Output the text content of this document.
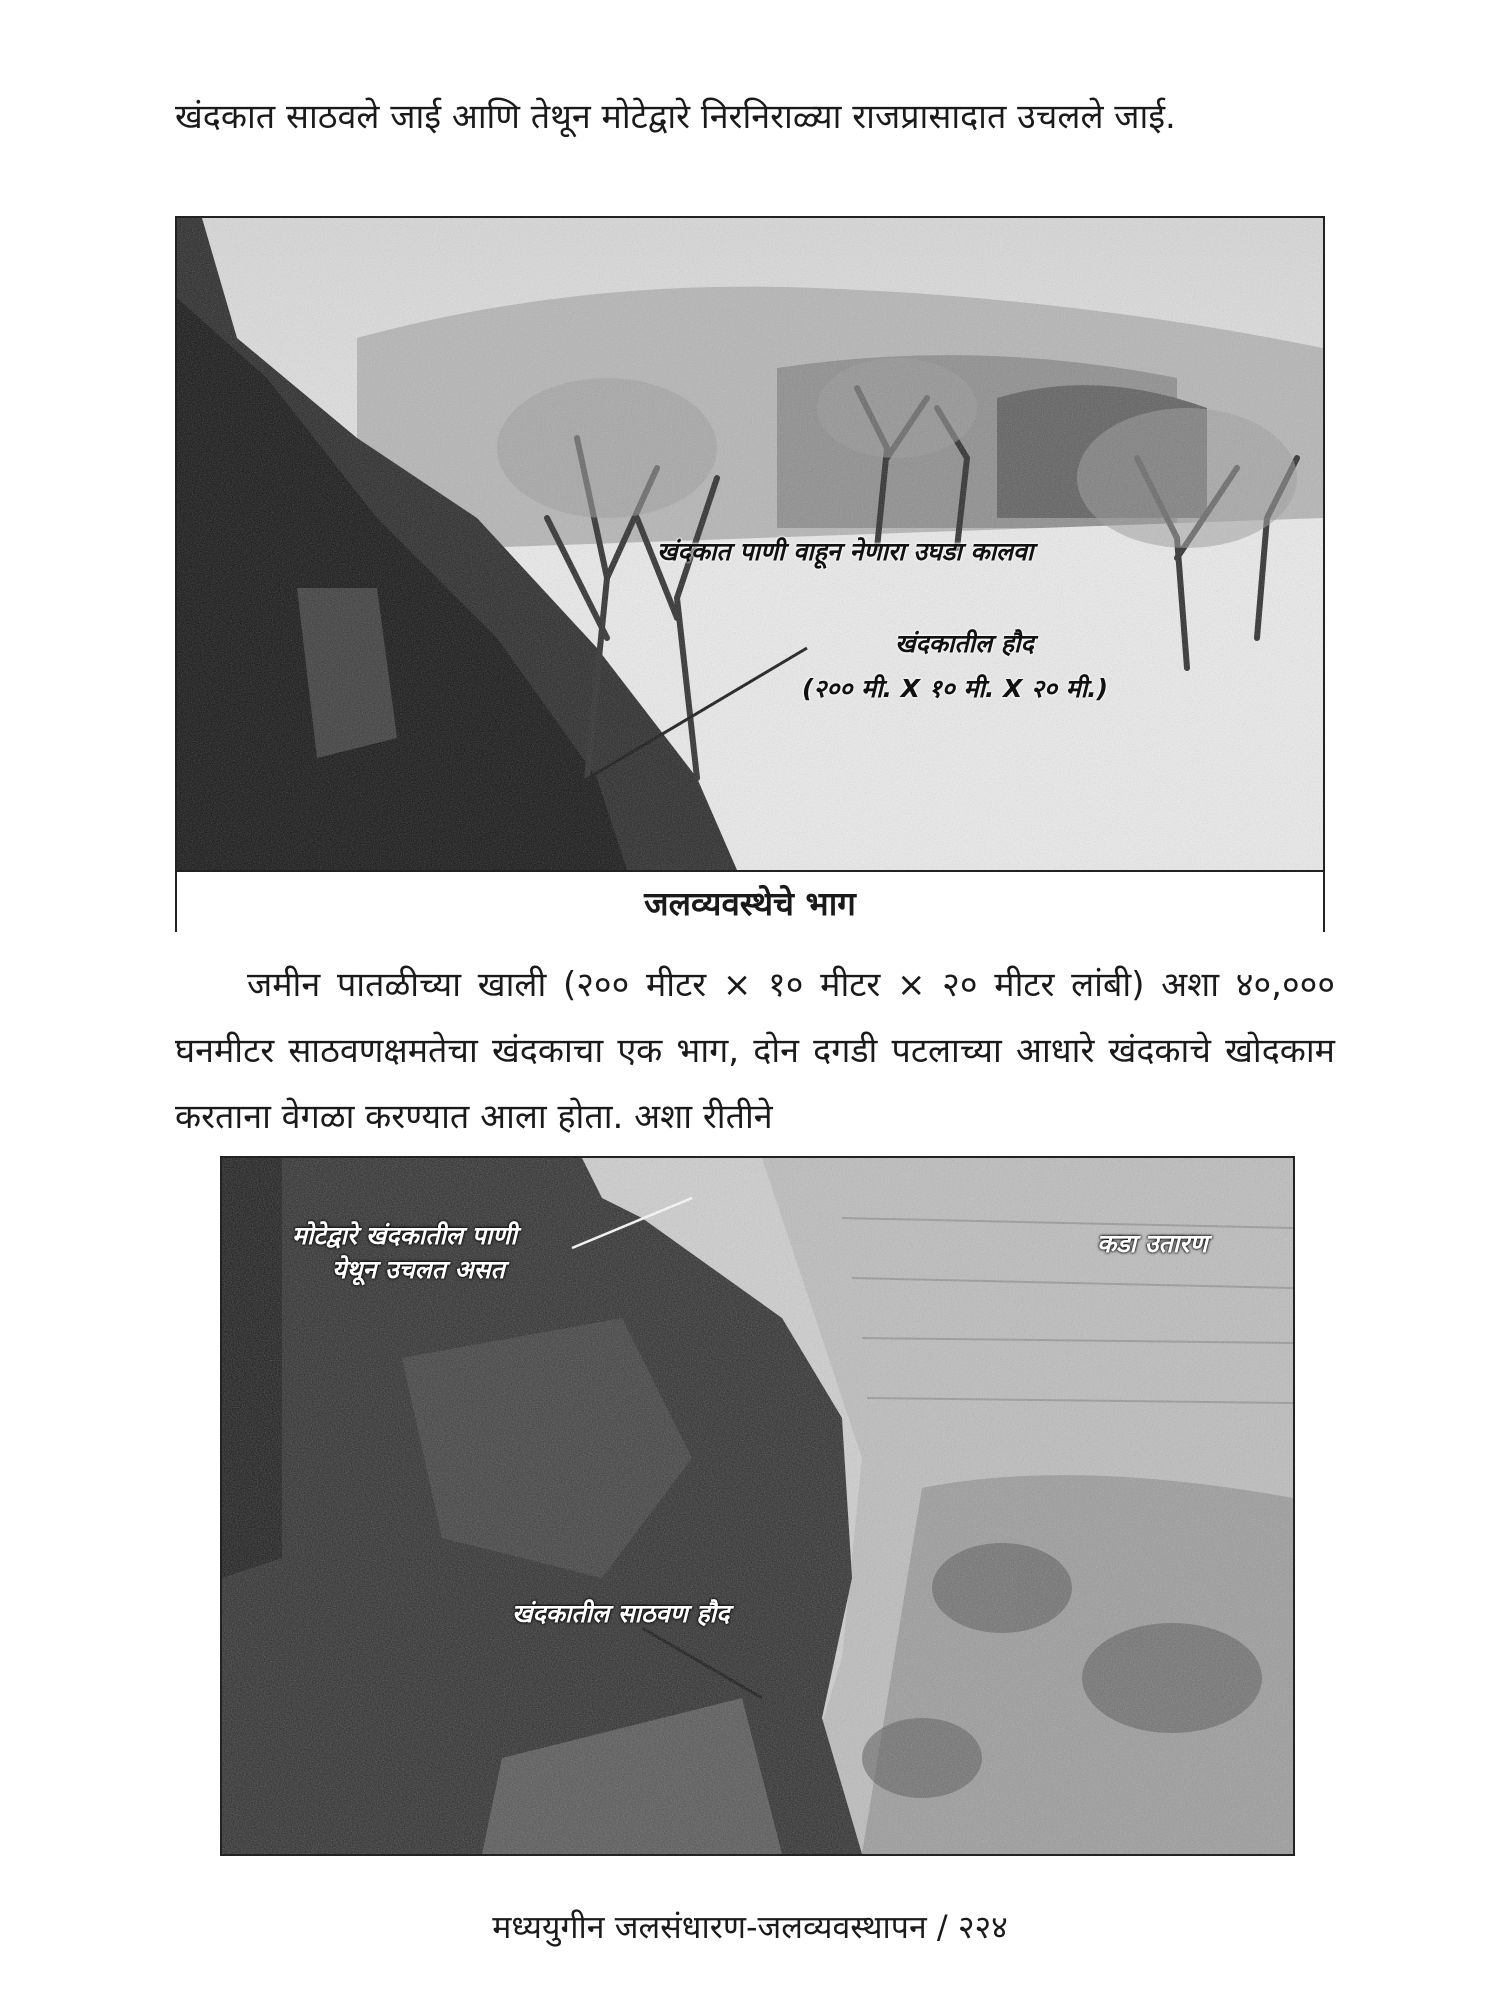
खंदकात साठवले जाई आणि तेथून मोटेद्वारे निरनिराळ्या राजप्रासादात उचलले जाई.

खंदकात पाणी वाहून नेणारा उघडा कालवा
खंदकातील हौद
(२०० मी. X १० मी. X २० मी.)
जलव्यवस्थेचे भाग

जमीन पातळीच्या खाली (२०० मीटर × १० मीटर × २० मीटर लांबी) अशा ४०,००० घनमीटर साठवणक्षमतेचा खंदकाचा एक भाग, दोन दगडी पटलाच्या आधारे खंदकाचे खोदकाम करताना वेगळा करण्यात आला होता. अशा रीतीने

मोटेद्वारे खंदकातील पाणी
येथून उचलत असत
कडा उतारण
खंदकातील साठवण हौद
मध्ययुगीन जलसंधारण-जलव्यवस्थापन / २२४
